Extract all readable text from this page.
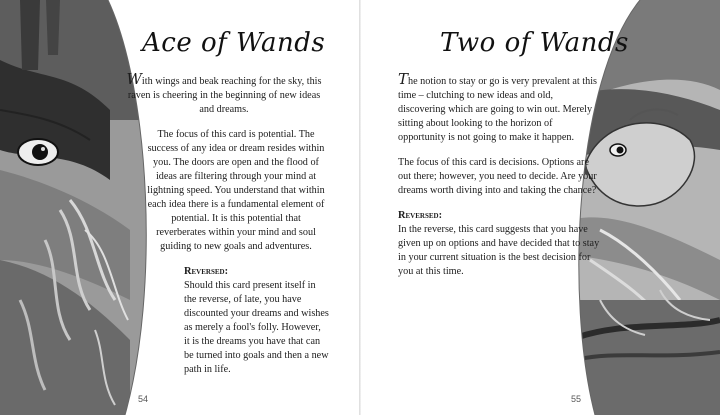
Ace of Wands

With wings and beak reaching for the sky, this raven is cheering in the beginning of new ideas and dreams.

The focus of this card is potential. The success of any idea or dream resides within you. The doors are open and the flood of ideas are filtering through your mind at lightning speed. You understand that within each idea there is a fundamental element of potential. It is this potential that reverberates within your mind and soul guiding to new goals and adventures.

Reversed:
Should this card present itself in the reverse, of late, you have discounted your dreams and wishes as merely a fool's folly. However, it is the dreams you have that can be turned into goals and then a new path in life.
54
Two of Wands

The notion to stay or go is very prevalent at this time – clutching to new ideas and old, discovering which are going to win out. Merely sitting about looking to the horizon of opportunity is not going to make it happen.

The focus of this card is decisions. Options are out there; however, you need to decide. Are your dreams worth diving into and taking the chance?

Reversed:
In the reverse, this card suggests that you have given up on options and have decided that to stay in your current situation is the best decision for you at this time.
55
